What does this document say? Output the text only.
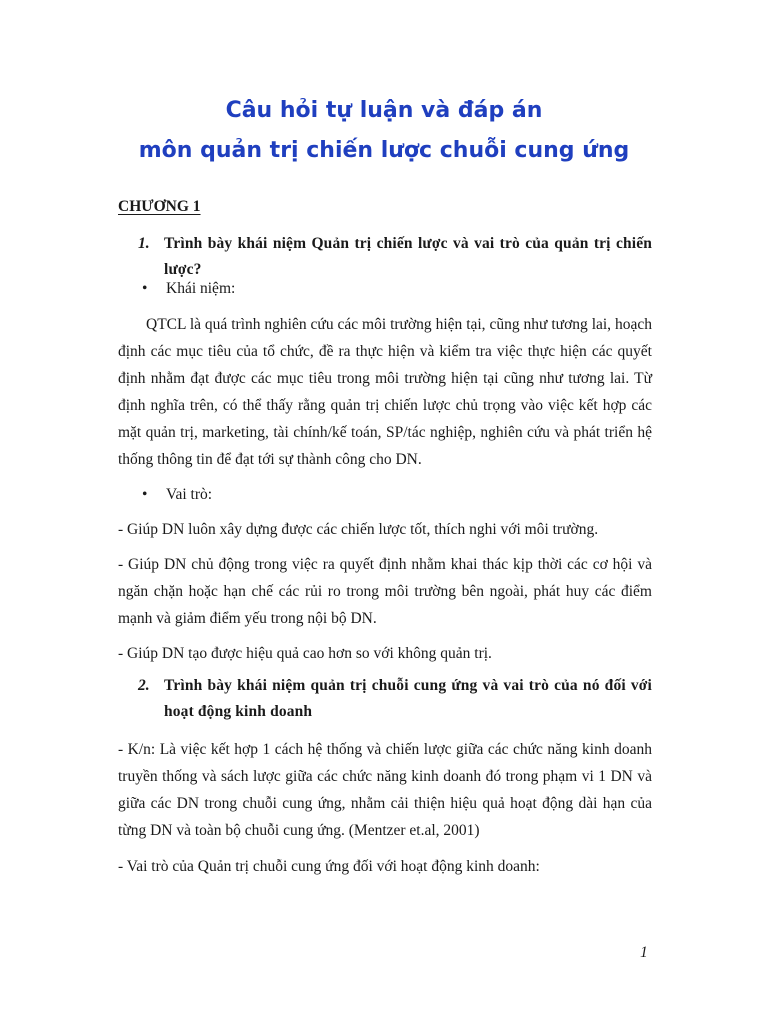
Câu hỏi tự luận và đáp án
môn quản trị chiến lược chuỗi cung ứng
CHƯƠNG 1
1. Trình bày khái niệm Quản trị chiến lược và vai trò của quản trị chiến lược?
• Khái niệm:
QTCL là quá trình nghiên cứu các môi trường hiện tại, cũng như tương lai, hoạch định các mục tiêu của tổ chức, đề ra thực hiện và kiểm tra việc thực hiện các quyết định nhằm đạt được các mục tiêu trong môi trường hiện tại cũng như tương lai. Từ định nghĩa trên, có thể thấy rằng quản trị chiến lược chủ trọng vào việc kết hợp các mặt quản trị, marketing, tài chính/kế toán, SP/tác nghiệp, nghiên cứu và phát triển hệ thống thông tin để đạt tới sự thành công cho DN.
• Vai trò:
- Giúp DN luôn xây dựng được các chiến lược tốt, thích nghi với môi trường.
- Giúp DN chủ động trong việc ra quyết định nhằm khai thác kịp thời các cơ hội và ngăn chặn hoặc hạn chế các rủi ro trong môi trường bên ngoài, phát huy các điểm mạnh và giảm điểm yếu trong nội bộ DN.
- Giúp DN tạo được hiệu quả cao hơn so với không quản trị.
2. Trình bày khái niệm quản trị chuỗi cung ứng và vai trò của nó đối với hoạt động kinh doanh
- K/n: Là việc kết hợp 1 cách hệ thống và chiến lược giữa các chức năng kinh doanh truyền thống và sách lược giữa các chức năng kinh doanh đó trong phạm vi 1 DN và giữa các DN trong chuỗi cung ứng, nhằm cải thiện hiệu quả hoạt động dài hạn của từng DN và toàn bộ chuỗi cung ứng. (Mentzer et.al, 2001)
- Vai trò của Quản trị chuỗi cung ứng đối với hoạt động kinh doanh:
1
